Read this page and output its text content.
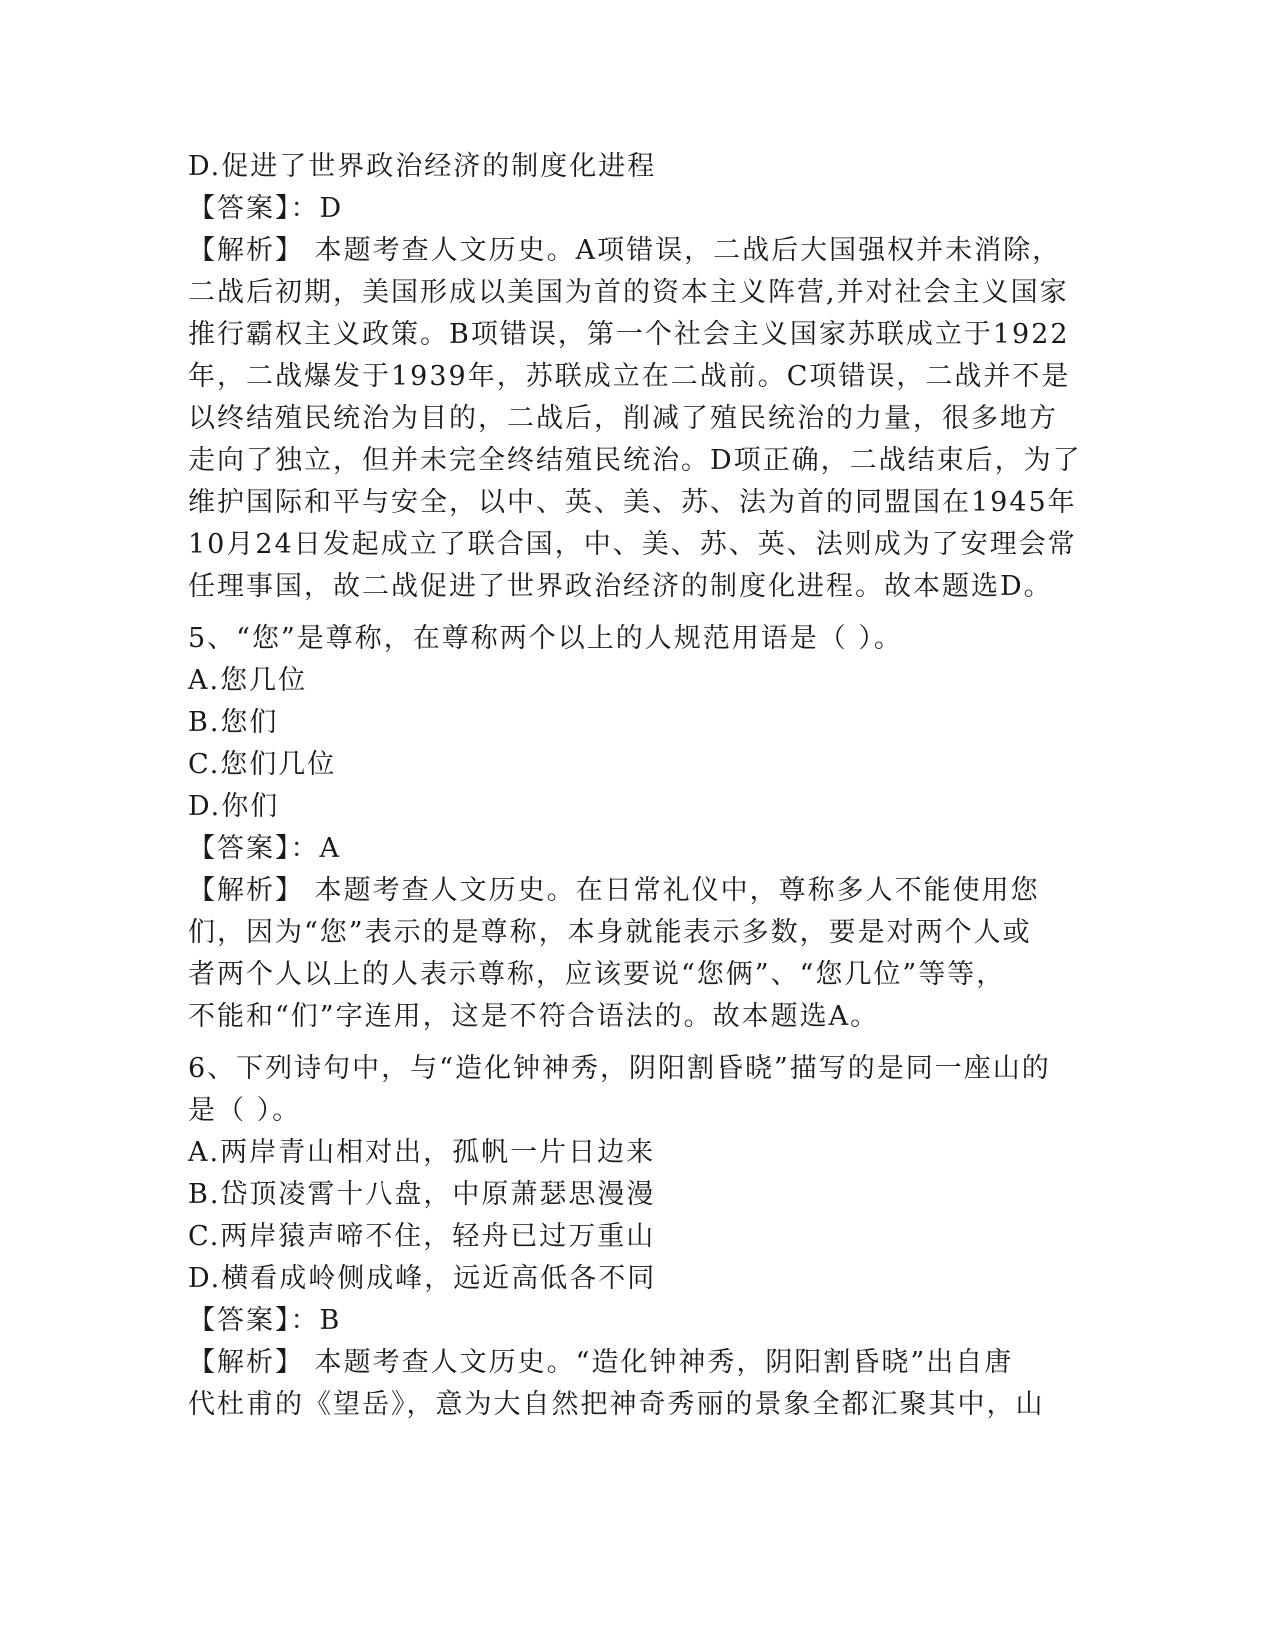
D.促进了世界政治经济的制度化进程
【答案】：D
【解析】 本题考查人文历史。A项错误，二战后大国强权并未消除，
二战后初期，美国形成以美国为首的资本主义阵营,并对社会主义国家
推行霸权主义政策。B项错误，第一个社会主义国家苏联成立于1922
年，二战爆发于1939年，苏联成立在二战前。C项错误，二战并不是
以终结殖民统治为目的，二战后，削减了殖民统治的力量，很多地方
走向了独立，但并未完全终结殖民统治。D项正确，二战结束后，为了
维护国际和平与安全，以中、英、美、苏、法为首的同盟国在1945年
10月24日发起成立了联合国，中、美、苏、英、法则成为了安理会常
任理事国，故二战促进了世界政治经济的制度化进程。故本题选D。
5、“您”是尊称，在尊称两个以上的人规范用语是（ ）。
A.您几位
B.您们
C.您们几位
D.你们
【答案】：A
【解析】 本题考查人文历史。在日常礼仪中，尊称多人不能使用您
们，因为“您”表示的是尊称，本身就能表示多数，要是对两个人或
者两个人以上的人表示尊称，应该要说“您俩”、“您几位”等等，
不能和“们”字连用，这是不符合语法的。故本题选A。
6、下列诗句中，与“造化钟神秀，阴阳割昏晓”描写的是同一座山的
是（ ）。
A.两岸青山相对出，孤帆一片日边来
B.岱顶凌霄十八盘，中原萧瑟思漫漫
C.两岸猿声啼不住，轻舟已过万重山
D.横看成岭侧成峰，远近高低各不同
【答案】：B
【解析】 本题考查人文历史。“造化钟神秀，阴阳割昏晓”出自唐
代杜甫的《望岳》，意为大自然把神奇秀丽的景象全都汇聚其中，山
